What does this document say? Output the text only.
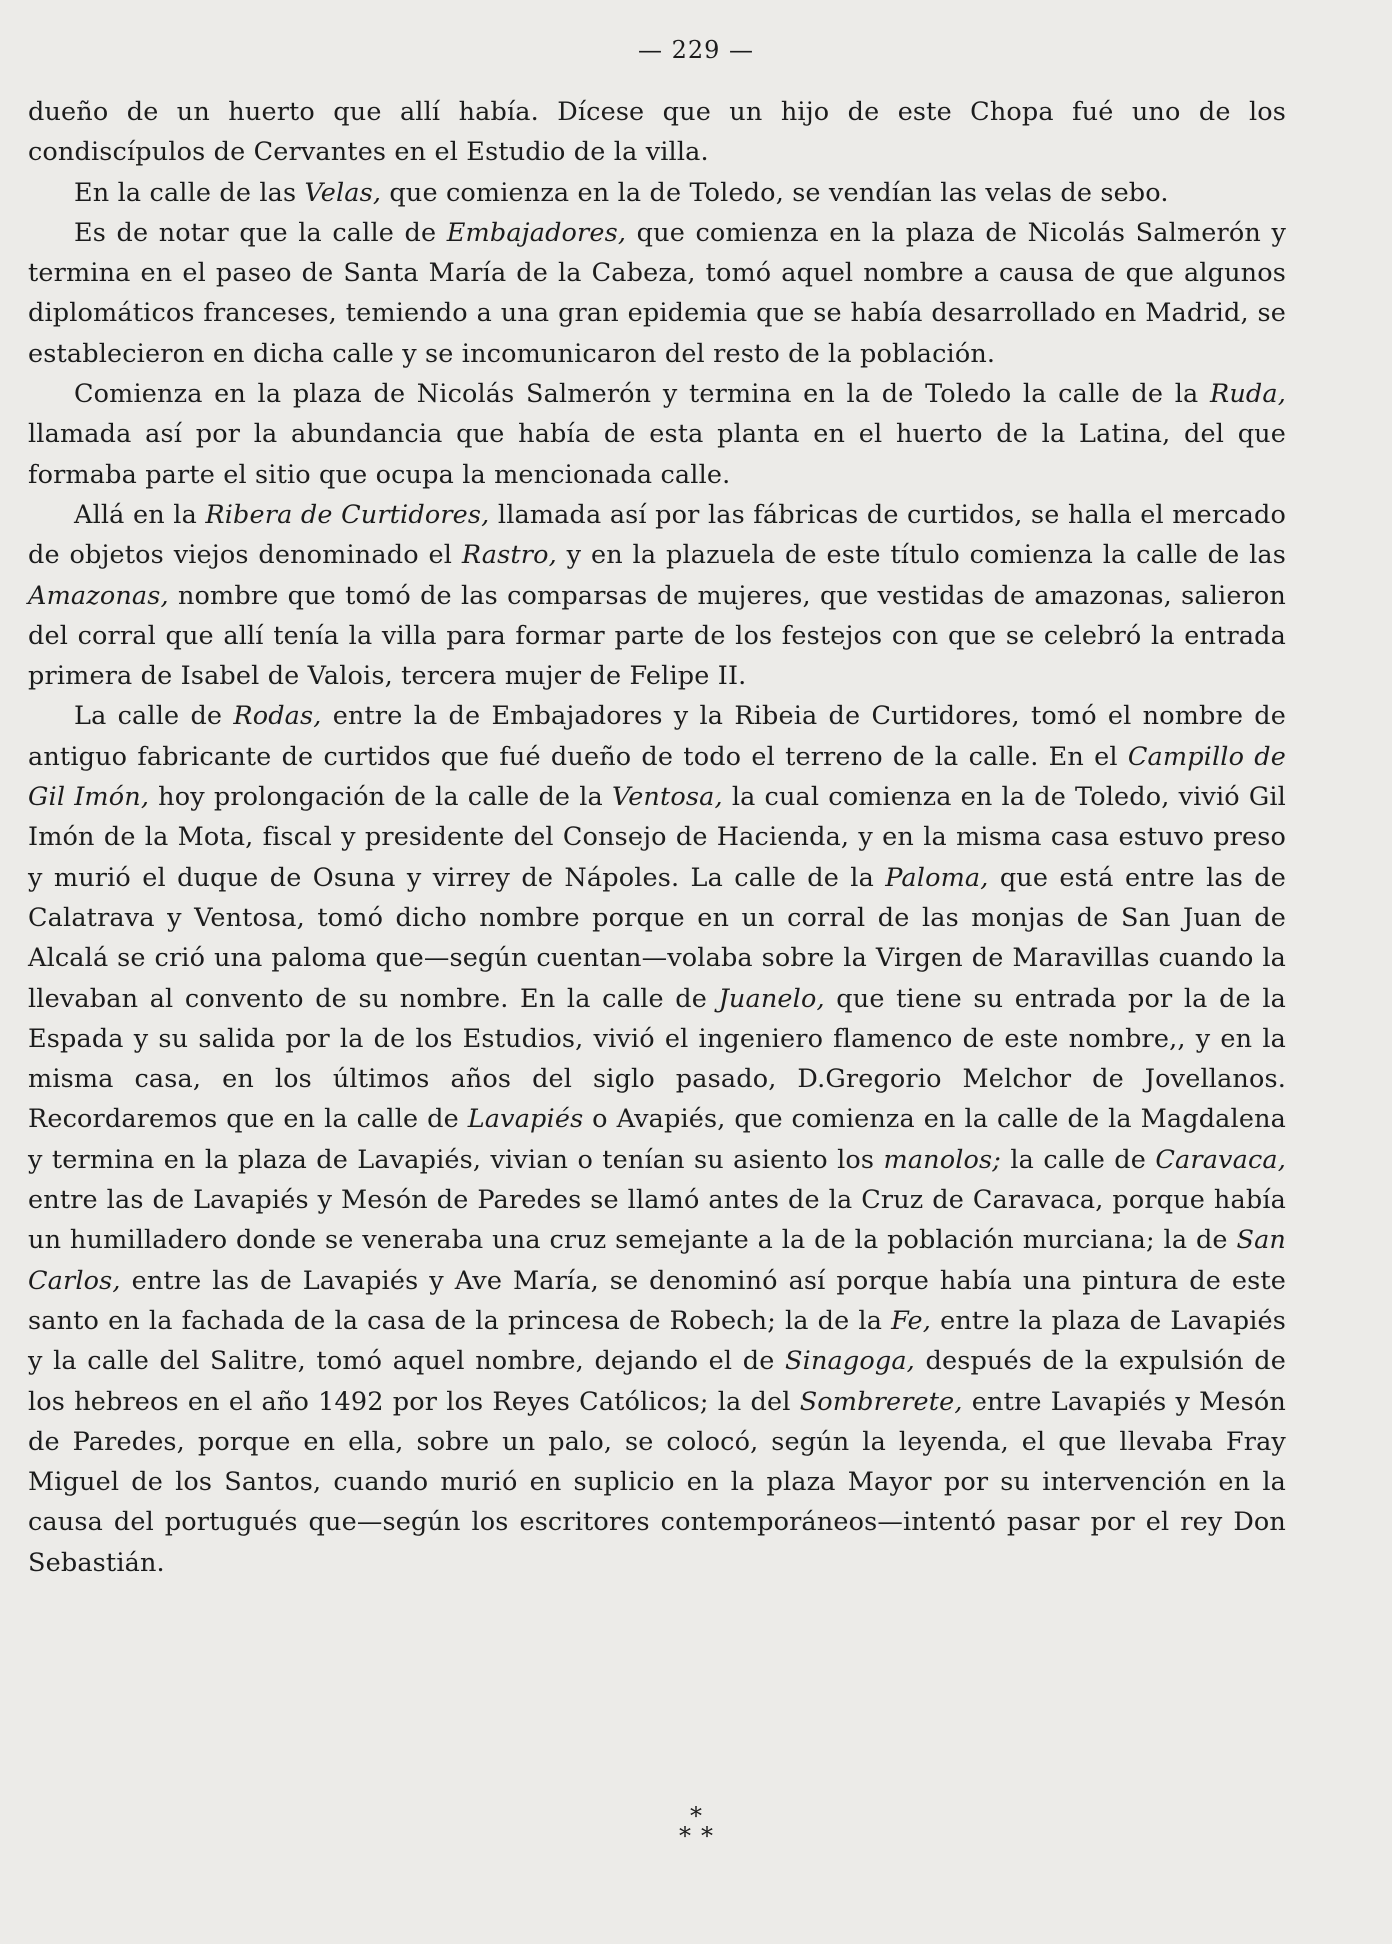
— 229 —

dueño de un huerto que allí había. Dícese que un hijo de este Chopa fué uno de los condiscípulos de Cervantes en el Estudio de la villa.

En la calle de las Velas, que comienza en la de Toledo, se vendían las velas de sebo.

Es de notar que la calle de Embajadores, que comienza en la plaza de Nicolás Salmerón y termina en el paseo de Santa María de la Cabeza, tomó aquel nombre a causa de que algunos diplomáticos franceses, temiendo a una gran epidemia que se había desarrollado en Madrid, se establecieron en dicha calle y se incomunicaron del resto de la población.

Comienza en la plaza de Nicolás Salmerón y termina en la de Toledo la calle de la Ruda, llamada así por la abundancia que había de esta planta en el huerto de la Latina, del que formaba parte el sitio que ocupa la mencionada calle.

Allá en la Ribera de Curtidores, llamada así por las fábricas de curtidos, se halla el mercado de objetos viejos denominado el Rastro, y en la plazuela de este título comienza la calle de las Amazonas, nombre que tomó de las comparsas de mujeres, que vestidas de amazonas, salieron del corral que allí tenía la villa para formar parte de los festejos con que se celebró la entrada primera de Isabel de Valois, tercera mujer de Felipe II.

La calle de Rodas, entre la de Embajadores y la Ribeia de Curtidores, tomó el nombre de antiguo fabricante de curtidos que fué dueño de todo el terreno de la calle. En el Campillo de Gil Imón, hoy prolongación de la calle de la Ventosa, la cual comienza en la de Toledo, vivió Gil Imón de la Mota, fiscal y presidente del Consejo de Hacienda, y en la misma casa estuvo preso y murió el duque de Osuna y virrey de Nápoles. La calle de la Paloma, que está entre las de Calatrava y Ventosa, tomó dicho nombre porque en un corral de las monjas de San Juan de Alcalá se crió una paloma que—según cuentan—volaba sobre la Virgen de Maravillas cuando la llevaban al convento de su nombre. En la calle de Juanelo, que tiene su entrada por la de la Espada y su salida por la de los Estudios, vivió el ingeniero flamenco de este nombre,, y en la misma casa, en los últimos años del siglo pasado, D.Gregorio Melchor de Jovellanos. Recordaremos que en la calle de Lavapiés o Avapiés, que comienza en la calle de la Magdalena y termina en la plaza de Lavapiés, vivian o tenían su asiento los manolos; la calle de Caravaca, entre las de Lavapiés y Mesón de Paredes se llamó antes de la Cruz de Caravaca, porque había un humilladero donde se veneraba una cruz semejante a la de la población murciana; la de San Carlos, entre las de Lavapiés y Ave María, se denominó así porque había una pintura de este santo en la fachada de la casa de la princesa de Robech; la de la Fe, entre la plaza de Lavapiés y la calle del Salitre, tomó aquel nombre, dejando el de Sinagoga, después de la expulsión de los hebreos en el año 1492 por los Reyes Católicos; la del Sombrerete, entre Lavapiés y Mesón de Paredes, porque en ella, sobre un palo, se colocó, según la leyenda, el que llevaba Fray Miguel de los Santos, cuando murió en suplicio en la plaza Mayor por su intervención en la causa del portugués que—según los escritores contemporáneos—intentó pasar por el rey Don Sebastián.

*
**
